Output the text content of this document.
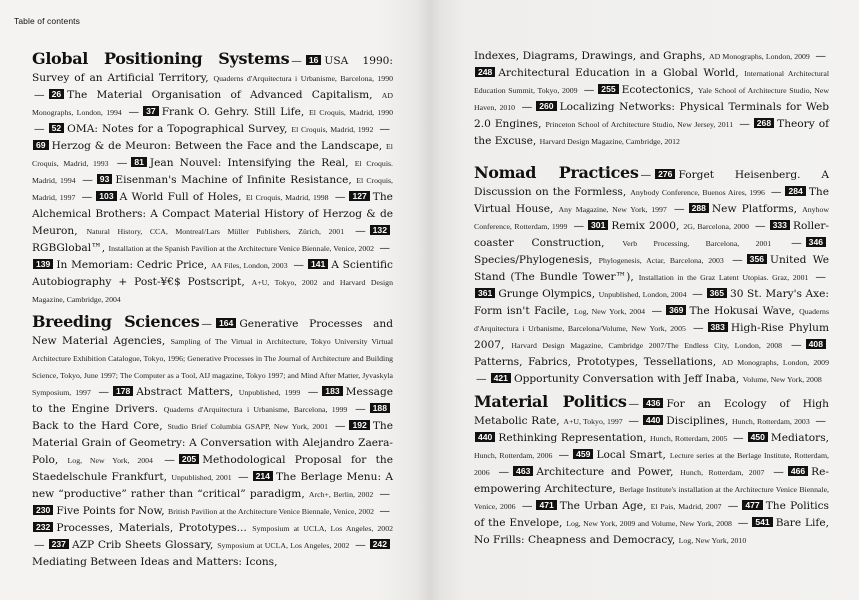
Table of contents

Global Positioning Systems — 16 USA 1990: Survey of an Artificial Territory, Quaderns d'Arquitectura i Urbanisme, Barcelona, 1990 — 26 The Material Organisation of Advanced Capitalism, AD Monographs, London, 1994 — 37 Frank O. Gehry. Still Life, El Croquis, Madrid, 1990 — 52 OMA: Notes for a Topographical Survey, El Croquis, Madrid, 1992 —69 Herzog & de Meuron: Between the Face and the Landscape, El Croquis, Madrid, 1993 — 81 Jean Nouvel: Intensifying the Real, El Croquis. Madrid, 1994 — 93 Eisenman's Machine of Infinite Resistance, El Croquis, Madrid, 1997 — 103 A World Full of Holes, El Croquis, Madrid, 1998 — 127 The Alchemical Brothers: A Compact Material History of Herzog & de Meuron, Natural History, CCA, Montreal/Lars Müller Publishers, Zürich, 2001 — 132RGBGlobal™, Installation at the Spanish Pavilion at the Architecture Venice Biennale, Venice, 2002 —139 In Memoriam: Cedric Price, AA Files, London, 2003 — 141 A Scientific Autobiography + Post-¥€$ Postscript, A+U, Tokyo, 2002 and Harvard Design Magazine, Cambridge, 2004

Breeding Sciences — 164 Generative Processes and New Material Agencies, Sampling of The Virtual in Architecture, Tokyo University Virtual Architecture Exhibition Catalogue, Tokyo, 1996; Generative Processes in The Journal of Architecture and Building Science, Tokyo, June 1997; The Computer as a Tool, AIJ magazine, Tokyo 1997; and Mind After Matter, Jyvaskyla Symposium, 1997 — 178 Abstract Matters, Unpublished, 1999 — 183 Message to the Engine Drivers. Quaderns d'Arquitectura i Urbanisme, Barcelona, 1999 — 188Back to the Hard Core, Studio Brief Columbia GSAPP, New York, 2001 — 192 The Material Grain of Geometry: A Conversation with Alejandro Zaera-Polo, Log, New York, 2004 — 205 Methodological Proposal for the Staedelschule Frankfurt, Unpublished, 2001 — 214 The Berlage Menu: A new “productive” rather than “critical” paradigm, Arch+, Berlin, 2002 —230 Five Points for Now, British Pavilion at the Architecture Venice Biennale, Venice, 2002 —232 Processes, Materials, Prototypes... Symposium at UCLA, Los Angeles, 2002 — 237 AZP Crib Sheets Glossary, Symposium at UCLA, Los Angeles, 2002 — 242Mediating Between Ideas and Matters: Icons,

Indexes, Diagrams, Drawings, and Graphs, AD Monographs, London, 2009 —248 Architectural Education in a Global World, International Architectural Education Summit, Tokyo, 2009 — 255 Ecotectonics, Yale School of Architecture Studio, New Haven, 2010 — 260 Localizing Networks: Physical Terminals for Web 2.0 Engines, Princeton School of Architecture Studio, New Jersey, 2011 — 268 Theory of the Excuse, Harvard Design Magazine, Cambridge, 2012

Nomad Practices — 276 Forget Heisenberg. A Discussion on the Formless, Anybody Conference, Buenos Aires, 1996 — 284 The Virtual House, Any Magazine, New York, 1997 — 288 New Platforms, Anyhow Conference, Rotterdam, 1999 — 301 Remix 2000, 2G, Barcelona, 2000 — 333 Roller-coaster Construction, Verb Processing, Barcelona, 2001 — 346Species/Phylogenesis, Phylogenesis, Actar, Barcelona, 2003 — 356 United We Stand (The Bundle Tower™), Installation in the Graz Latent Utopias. Graz, 2001 —361 Grunge Olympics, Unpublished, London, 2004 — 365 30 St. Mary's Axe: Form isn't Facile, Log, New York, 2004 — 369 The Hokusai Wave, Quaderns d'Arquitectura i Urbanisme, Barcelona/Volume, New York, 2005 — 383 High-Rise Phylum 2007, Harvard Design Magazine, Cambridge 2007/The Endless City, London, 2008 — 408Patterns, Fabrics, Prototypes, Tessellations, AD Monographs, London, 2009 — 421 Opportunity Conversation with Jeff Inaba, Volume, New York, 2008

Material Politics — 436 For an Ecology of High Metabolic Rate, A+U, Tokyo, 1997 — 440 Disciplines, Hunch, Rotterdam, 2003 —440 Rethinking Representation, Hunch, Rotterdam, 2005 — 450 Mediators, Hunch, Rotterdam, 2006 — 459 Local Smart, Lecture series at the Berlage Institute, Rotterdam, 2006 — 463 Architecture and Power, Hunch, Rotterdam, 2007 — 466 Re-empowering Architecture, Berlage Institute's installation at the Architecture Venice Biennale, Venice, 2006 — 471 The Urban Age, El Pais, Madrid, 2007 — 477 The Politics of the Envelope, Log, New York, 2009 and Volume, New York, 2008 — 541 Bare Life, No Frills: Cheapness and Democracy, Log, New York, 2010
